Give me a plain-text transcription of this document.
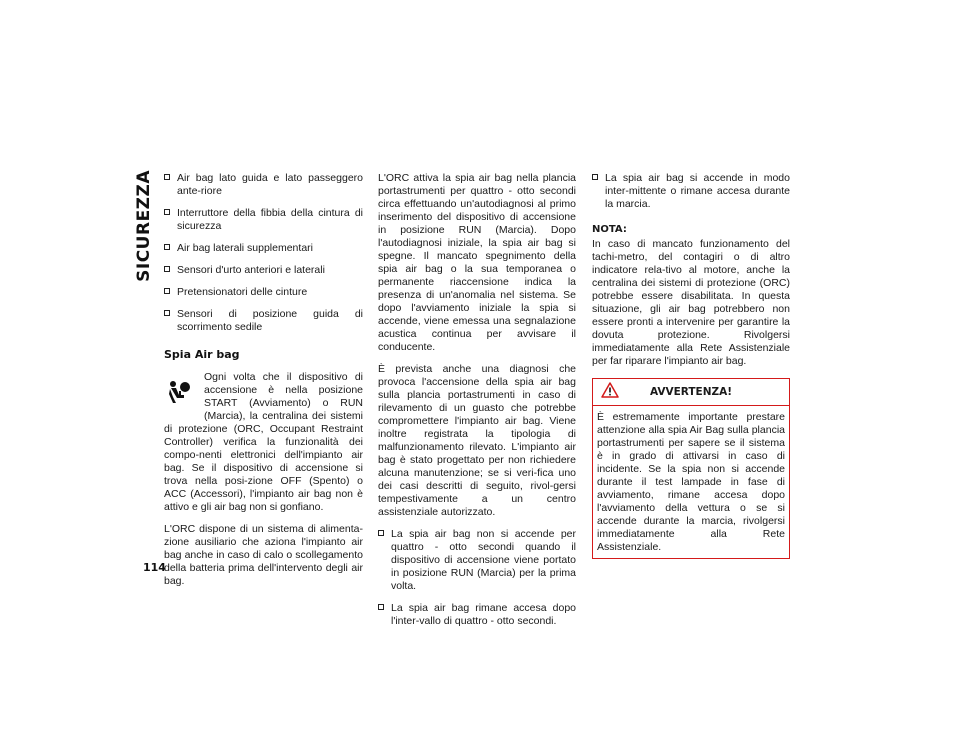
SICUREZZA
114
Air bag lato guida e lato passeggero ante-riore
Interruttore della fibbia della cintura di sicurezza
Air bag laterali supplementari
Sensori d'urto anteriori e laterali
Pretensionatori delle cinture
Sensori di posizione guida di scorrimento sedile
Spia Air bag

Ogni volta che il dispositivo di accensione è nella posizione START (Avviamento) o RUN (Marcia), la centralina dei sistemi di protezione (ORC, Occupant Restraint Controller) verifica la funzionalità dei compo-nenti elettronici dell'impianto air bag. Se il dispositivo di accensione si trova nella posi-zione OFF (Spento) o ACC (Accessori), l'impianto air bag non è attivo e gli air bag non si gonfiano.

L'ORC dispone di un sistema di alimenta-zione ausiliario che aziona l'impianto air bag anche in caso di calo o scollegamento della batteria prima dell'intervento degli air bag.

L'ORC attiva la spia air bag nella plancia portastrumenti per quattro - otto secondi circa effettuando un'autodiagnosi al primo inserimento del dispositivo di accensione in posizione RUN (Marcia). Dopo l'autodiagnosi iniziale, la spia air bag si spegne. Il mancato spegnimento della spia air bag o la sua temporanea o permanente riaccensione indica la presenza di un'anomalia nel sistema. Se dopo l'avviamento iniziale la spia si accende, viene emessa una segnalazione acustica continua per avvisare il conducente.

È prevista anche una diagnosi che provoca l'accensione della spia air bag sulla plancia portastrumenti in caso di rilevamento di un guasto che potrebbe compromettere l'impianto air bag. Viene inoltre registrata la tipologia di malfunzionamento rilevato. L'impianto air bag è stato progettato per non richiedere alcuna manutenzione; se si veri-fica uno dei casi descritti di seguito, rivol-gersi tempestivamente a un centro assistenziale autorizzato.

La spia air bag non si accende per quattro - otto secondi quando il dispositivo di accensione viene portato in posizione RUN (Marcia) per la prima volta.
La spia air bag rimane accesa dopo l'inter-vallo di quattro - otto secondi.
La spia air bag si accende in modo inter-mittente o rimane accesa durante la marcia.
NOTA:

In caso di mancato funzionamento del tachi-metro, del contagiri o di altro indicatore rela-tivo al motore, anche la centralina dei sistemi di protezione (ORC) potrebbe essere disabilitata. In questa situazione, gli air bag potrebbero non essere pronti a intervenire per garantire la dovuta protezione. Rivolgersi immediatamente alla Rete Assistenziale per far riparare l'impianto air bag.

AVVERTENZA!
È estremamente importante prestare attenzione alla spia Air Bag sulla plancia portastrumenti per sapere se il sistema è in grado di attivarsi in caso di incidente. Se la spia non si accende durante il test lampade in fase di avviamento, rimane accesa dopo l'avviamento della vettura o se si accende durante la marcia, rivolgersi immediatamente alla Rete Assistenziale.
